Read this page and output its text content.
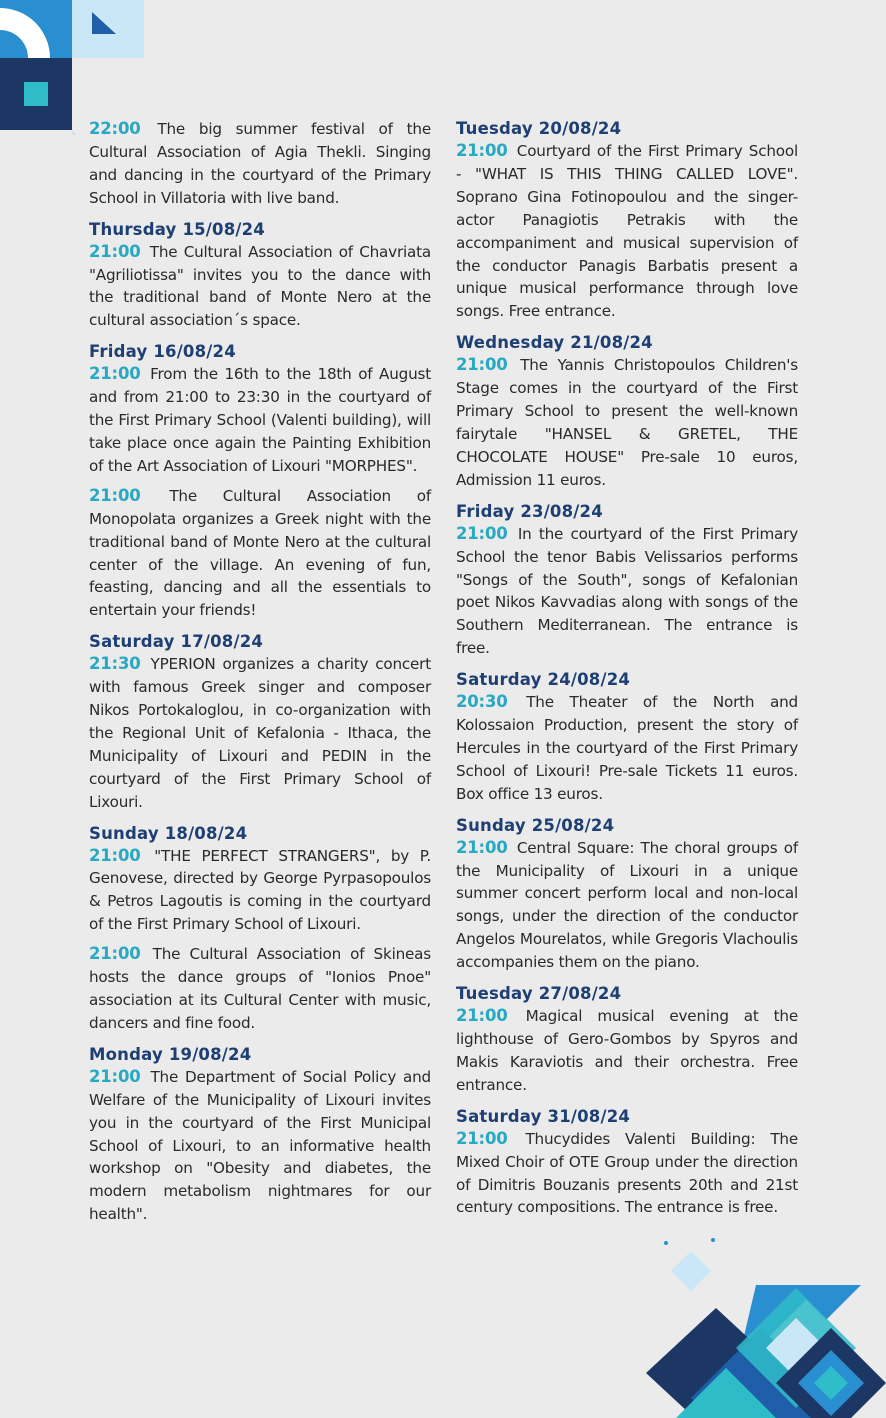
22:00 The big summer festival of the Cultural Association of Agia Thekli. Singing and dancing in the courtyard of the Primary School in Villatoria with live band.
Thursday 15/08/24
21:00 The Cultural Association of Chavriata "Agriliotissa" invites you to the dance with the traditional band of Monte Nero at the cultural association´s space.
Friday 16/08/24
21:00 From the 16th to the 18th of August and from 21:00 to 23:30 in the courtyard of the First Primary School (Valenti building), will take place once again the Painting Exhibition of the Art Association of Lixouri "MORPHES".
21:00 The Cultural Association of Monopolata organizes a Greek night with the traditional band of Monte Nero at the cultural center of the village. An evening of fun, feasting, dancing and all the essentials to entertain your friends!
Saturday 17/08/24
21:30 YPERION organizes a charity concert with famous Greek singer and composer Nikos Portokaloglou, in co-organization with the Regional Unit of Kefalonia - Ithaca, the Municipality of Lixouri and PEDIN in the courtyard of the First Primary School of Lixouri.
Sunday 18/08/24
21:00 "THE PERFECT STRANGERS", by P. Genovese, directed by George Pyrpasopoulos & Petros Lagoutis is coming in the courtyard of the First Primary School of Lixouri.
21:00 The Cultural Association of Skineas hosts the dance groups of "Ionios Pnoe" association at its Cultural Center with music, dancers and fine food.
Monday 19/08/24
21:00 The Department of Social Policy and Welfare of the Municipality of Lixouri invites you in the courtyard of the First Municipal School of Lixouri, to an informative health workshop on "Obesity and diabetes, the modern metabolism nightmares for our health".
Tuesday 20/08/24
21:00 Courtyard of the First Primary School - "WHAT IS THIS THING CALLED LOVE". Soprano Gina Fotinopoulou and the singer-actor Panagiotis Petrakis with the accompaniment and musical supervision of the conductor Panagis Barbatis present a unique musical performance through love songs. Free entrance.
Wednesday 21/08/24
21:00 The Yannis Christopoulos Children's Stage comes in the courtyard of the First Primary School to present the well-known fairytale "HANSEL & GRETEL, THE CHOCOLATE HOUSE" Pre-sale 10 euros, Admission 11 euros.
Friday 23/08/24
21:00 In the courtyard of the First Primary School the tenor Babis Velissarios performs "Songs of the South", songs of Kefalonian poet Nikos Kavvadias along with songs of the Southern Mediterranean. The entrance is free.
Saturday 24/08/24
20:30 The Theater of the North and Kolossaion Production, present the story of Hercules in the courtyard of the First Primary School of Lixouri! Pre-sale Tickets 11 euros. Box office 13 euros.
Sunday 25/08/24
21:00 Central Square: The choral groups of the Municipality of Lixouri in a unique summer concert perform local and non-local songs, under the direction of the conductor Angelos Mourelatos, while Gregoris Vlachoulis accompanies them on the piano.
Tuesday 27/08/24
21:00 Magical musical evening at the lighthouse of Gero-Gombos by Spyros and Makis Karaviotis and their orchestra. Free entrance.
Saturday 31/08/24
21:00 Thucydides Valenti Building: The Mixed Choir of OTE Group under the direction of Dimitris Bouzanis presents 20th and 21st century compositions. The entrance is free.
